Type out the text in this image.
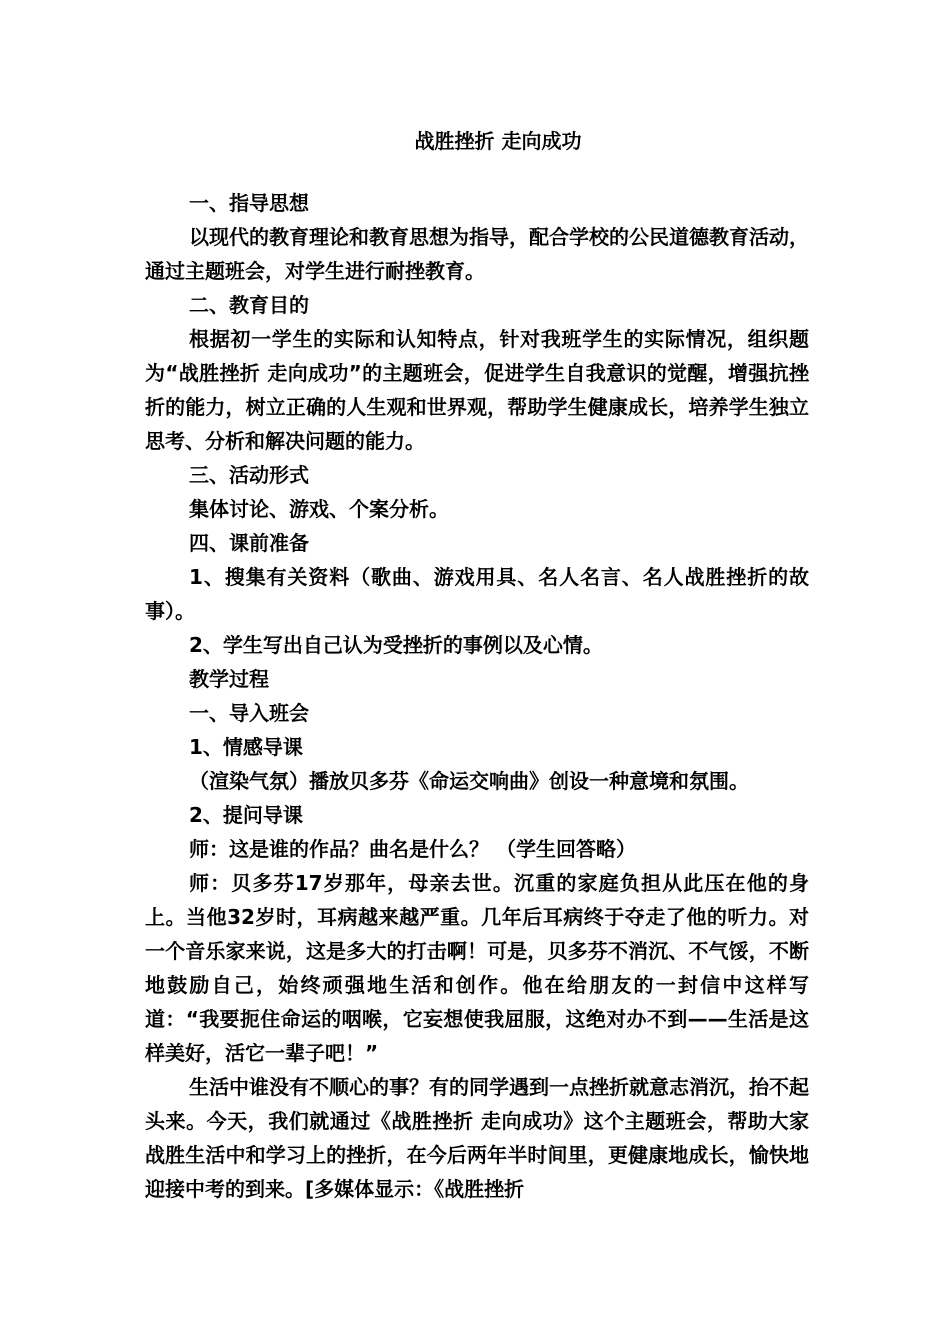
战胜挫折 走向成功

一、指导思想

以现代的教育理论和教育思想为指导，配合学校的公民道德教育活动，通过主题班会，对学生进行耐挫教育。

二、教育目的

根据初一学生的实际和认知特点，针对我班学生的实际情况，组织题为“战胜挫折 走向成功”的主题班会，促进学生自我意识的觉醒，增强抗挫折的能力，树立正确的人生观和世界观，帮助学生健康成长，培养学生独立思考、分析和解决问题的能力。

三、活动形式

集体讨论、游戏、个案分析。

四、课前准备

1、搜集有关资料（歌曲、游戏用具、名人名言、名人战胜挫折的故事）。

2、学生写出自己认为受挫折的事例以及心情。

教学过程

一、导入班会

1、情感导课

（渲染气氛）播放贝多芬《命运交响曲》创设一种意境和氛围。

2、提问导课

师：这是谁的作品？曲名是什么？ （学生回答略）

师：贝多芬17岁那年，母亲去世。沉重的家庭负担从此压在他的身上。当他32岁时，耳病越来越严重。几年后耳病终于夺走了他的听力。对一个音乐家来说，这是多大的打击啊！可是，贝多芬不消沉、不气馁，不断地鼓励自己，始终顽强地生活和创作。他在给朋友的一封信中这样写道：“我要扼住命运的咽喉，它妄想使我屈服，这绝对办不到——生活是这样美好，活它一辈子吧！”

生活中谁没有不顺心的事？有的同学遇到一点挫折就意志消沉，抬不起头来。今天，我们就通过《战胜挫折 走向成功》这个主题班会，帮助大家战胜生活中和学习上的挫折，在今后两年半时间里，更健康地成长，愉快地迎接中考的到来。[多媒体显示：《战胜挫折
